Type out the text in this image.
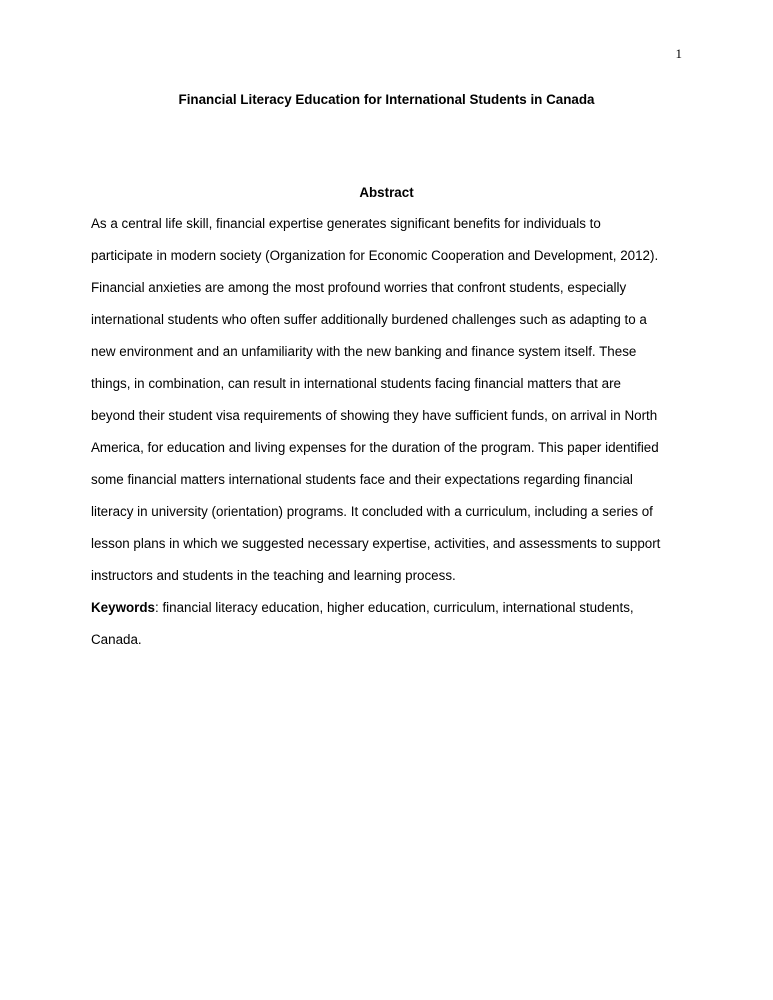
1
Financial Literacy Education for International Students in Canada
Abstract
As a central life skill, financial expertise generates significant benefits for individuals to
participate in modern society (Organization for Economic Cooperation and Development, 2012).
Financial anxieties are among the most profound worries that confront students, especially
international students who often suffer additionally burdened challenges such as adapting to a
new environment and an unfamiliarity with the new banking and finance system itself. These
things, in combination, can result in international students facing financial matters that are
beyond their student visa requirements of showing they have sufficient funds, on arrival in North
America, for education and living expenses for the duration of the program. This paper identified
some financial matters international students face and their expectations regarding financial
literacy in university (orientation) programs. It concluded with a curriculum, including a series of
lesson plans in which we suggested necessary expertise, activities, and assessments to support
instructors and students in the teaching and learning process.
Keywords: financial literacy education, higher education, curriculum, international students,
Canada.
